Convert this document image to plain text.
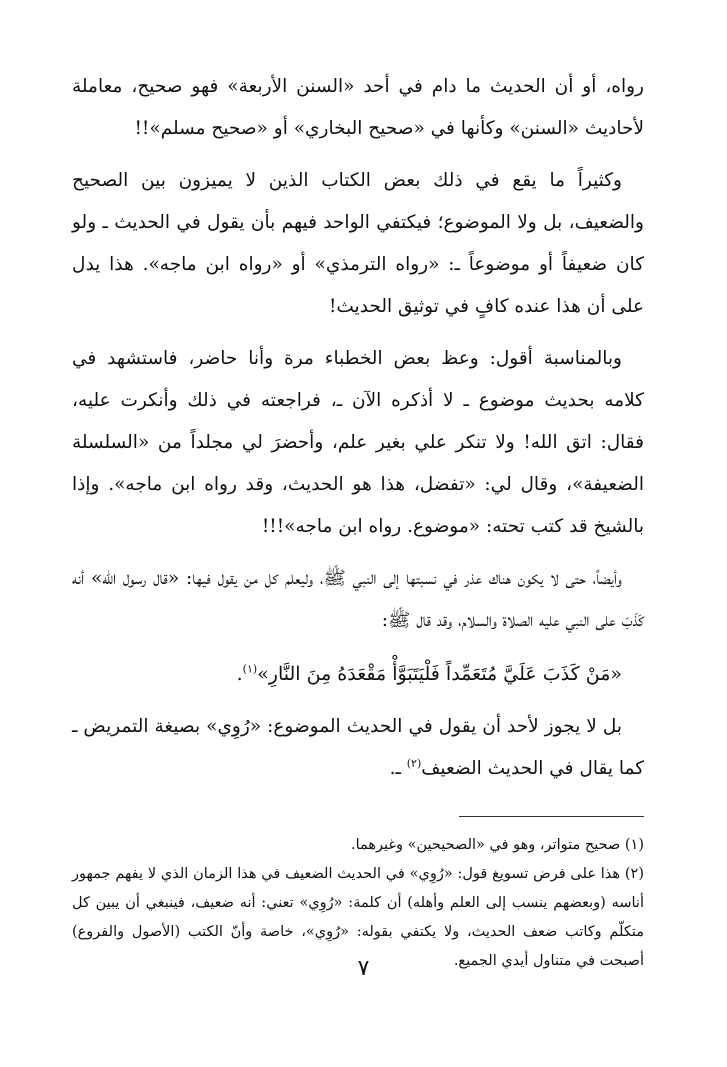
رواه، أو أن الحديث ما دام في أحد «السنن الأربعة» فهو صحيح، معاملة لأحاديث «السنن» وكأنها في «صحيح البخاري» أو «صحيح مسلم»!!

وكثيراً ما يقع في ذلك بعض الكتاب الذين لا يميزون بين الصحيح والضعيف، بل ولا الموضوع؛ فيكتفي الواحد فيهم بأن يقول في الحديث ـ ولو كان ضعيفاً أو موضوعاً ـ: «رواه الترمذي» أو «رواه ابن ماجه». هذا يدل على أن هذا عنده كافٍ في توثيق الحديث!

وبالمناسبة أقول: وعظ بعض الخطباء مرة وأنا حاضر، فاستشهد في كلامه بحديث موضوع ـ لا أذكره الآن ـ، فراجعته في ذلك وأنكرت عليه، فقال: اتق الله! ولا تنكر علي بغير علم، وأحضرَ لي مجلداً من «السلسلة الضعيفة»، وقال لي: «تفضل، هذا هو الحديث، وقد رواه ابن ماجه». وإذا بالشيخ قد كتب تحته: «موضوع. رواه ابن ماجه»!!!

وأيضاً، حتى لا يكون هناك عذر في نسبتها إلى النبي ﷺ، وليعلم كل من يقول فيها: «قال رسول الله» أنه كَذَبَ على النبي عليه الصلاة والسلام، وقد قال ﷺ:

«مَنْ كَذَبَ عَلَيَّ مُتَعَمِّداً فَلْيَتَبَوَّأْ مَقْعَدَهُ مِنَ النَّارِ»$^{(١)}$.

بل لا يجوز لأحد أن يقول في الحديث الموضوع: «رُوِي» بصيغة التمريض ـ كما يقال في الحديث الضعيف$^{(٢)}$ ـ.

(١) صحيح متواتر، وهو في «الصحيحين» وغيرهما.

(٢) هذا على فرض تسويغ قول: «رُوِي» في الحديث الضعيف في هذا الزمان الذي لا يفهم جمهور أناسه (وبعضهم ينسب إلى العلم وأهله) أن كلمة: «رُوِي» تعني: أنه ضعيف، فينبغي أن يبين كل متكلّم وكاتب ضعف الحديث، ولا يكتفي بقوله: «رُوِي»، خاصة وأنّ الكتب (الأصول والفروع) أصبحت في متناول أيدي الجميع.

٧
